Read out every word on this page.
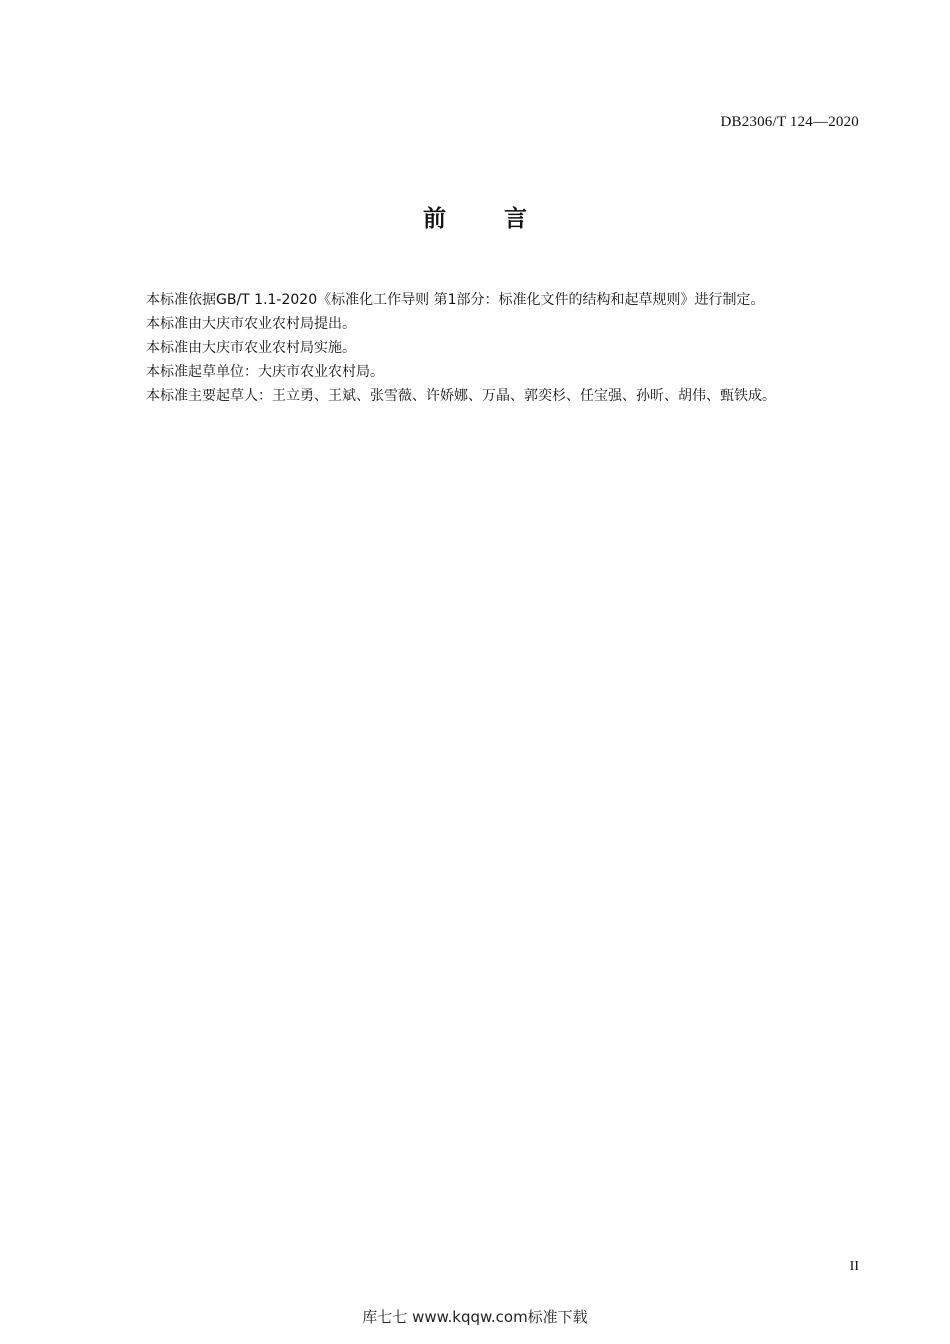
DB2306/T 124—2020
前	言

本标准依据GB/T 1.1-2020《标准化工作导则 第1部分：标准化文件的结构和起草规则》进行制定。

本标准由大庆市农业农村局提出。

本标准由大庆市农业农村局实施。

本标准起草单位：大庆市农业农村局。

本标准主要起草人：王立勇、王斌、张雪薇、许娇娜、万晶、郭奕杉、任宝强、孙昕、胡伟、甄铁成。

II
库七七 www.kqqw.com标准下载
